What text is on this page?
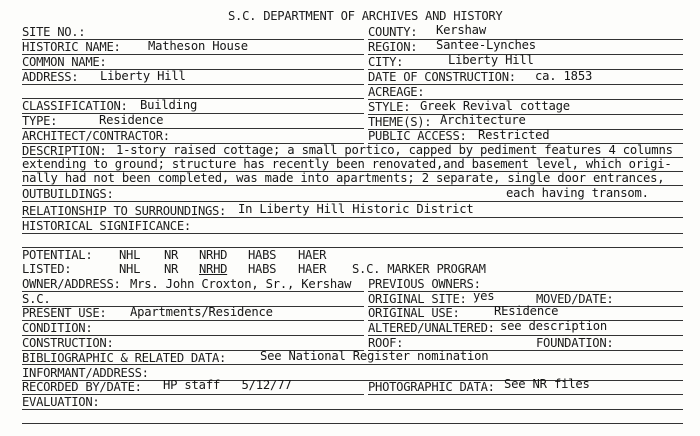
S.C. DEPARTMENT OF ARCHIVES AND HISTORY
SITE NO.:	COUNTY: Kershaw
HISTORIC NAME: Matheson House	REGION: Santee-Lynches
COMMON NAME:	CITY:	Liberty Hill
ADDRESS: Liberty Hill	DATE OF CONSTRUCTION: ca. 1853
ACREAGE:
CLASSIFICATION: Building	STYLE: Greek Revival cottage
TYPE:	Residence	THEME(S): Architecture
ARCHITECT/CONTRACTOR:	PUBLIC ACCESS: Restricted
DESCRIPTION: 1-story raised cottage; a small portico, capped by pediment features 4 columns
extending to ground; structure has recently been renovated,and basement level, which origi-
nally had not been completed, was made into apartments; 2 separate, single door entrances,
OUTBUILDINGS:	each having transom.
RELATIONSHIP TO SURROUNDINGS: In Liberty Hill Historic District
HISTORICAL SIGNIFICANCE:
POTENTIAL: NHL NR NRHD HABS HAER
LISTED:	NHL NR NRHD HABS HAER S.C. MARKER PROGRAM
OWNER/ADDRESS: Mrs. John Croxton, Sr., Kershaw PREVIOUS OWNERS:
S.C.	ORIGINAL SITE: yes	MOVED/DATE:
PRESENT USE: Apartments/Residence	ORIGINAL USE:	REsidence
CONDITION:	ALTERED/UNALTERED: see description
CONSTRUCTION:	ROOF:	FOUNDATION:
BIBLIOGRAPHIC & RELATED DATA:	See National Register nomination
INFORMANT/ADDRESS:
RECORDED BY/DATE: HP staff   5/12/77	PHOTOGRAPHIC DATA: See NR files
EVALUATION:
